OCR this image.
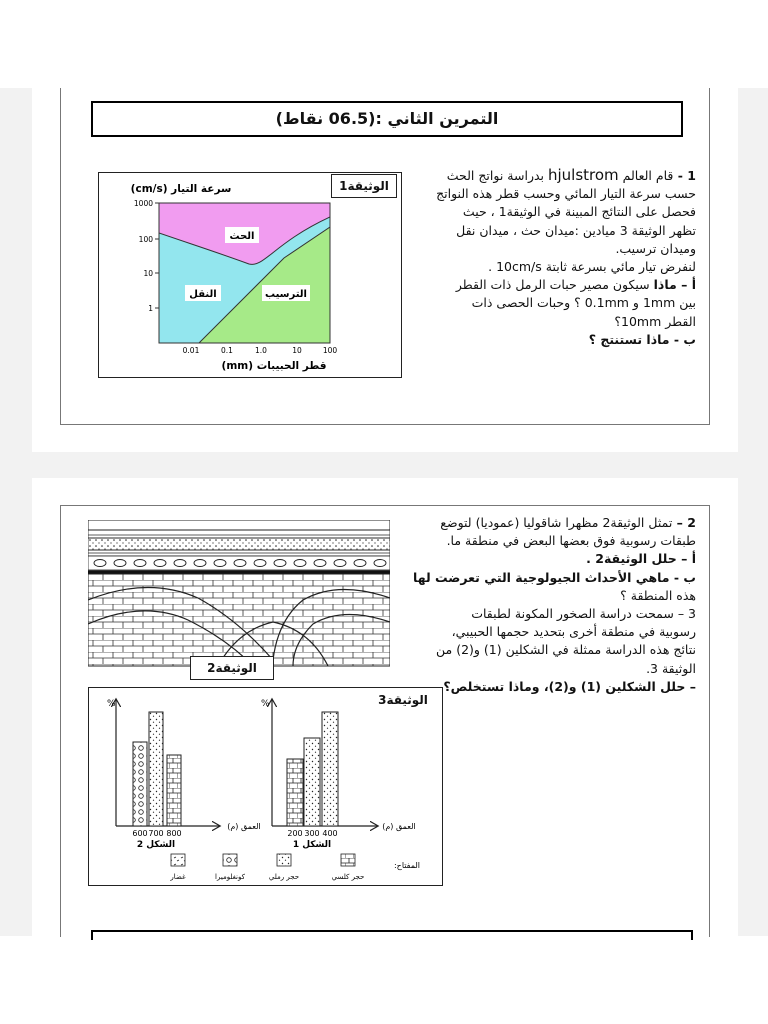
التمرين الثاني :(06.5 نقاط)

1 - قام العالم hjulstrom بدراسة نواتج الحث

حسب سرعة التيار المائي وحسب قطر هذه النواتج

فحصل على النتائج المبينة في الوثيقة1 ، حيث

تظهر الوثيقة 3 ميادين :ميدان حث ، ميدان نقل

وميدان ترسيب.

لنفرض تيار مائي بسرعة ثابتة 10cm/s .

أ – ماذا سيكون مصير حبات الرمل ذات القطر

بين 1mm و 0.1mm ؟ وحبات الحصى ذات

القطر 10mm؟

ب - ماذا تستنتج ؟

1000
100
10
1
0.01	0.1	1.0	10	100
سرعة التيار (cm/s)
قطر الحبيبات (mm)
الحث
النقل	الترسيب
الوثيقة1

2 – تمثل الوثيقة2 مظهرا شاقوليا (عموديا) لتوضع

طبقات رسوبية فوق بعضها البعض في منطقة ما.

أ – حلل الوثيقة2 .

ب - ماهي الأحداث الجيولوجية التي تعرضت لها

هذه المنطقة ؟

3 – سمحت دراسة الصخور المكونة لطبقات

رسوبية في منطقة أخرى بتحديد حجمها الحبيبي،

نتائج هذه الدراسة ممثلة في الشكلين (1) و(2) من

الوثيقة 3.

– حلل الشكلين (1) و(2)، وماذا تستخلص؟

الوثيقة2
%
600 700 800
الشكل 2
العمق (م)
%
200 300 400
الشكل 1
العمق (م)
المفتاح:
حجر كلسي
حجر رملي
كونغلوميرا
غضار
الوثيقة3
